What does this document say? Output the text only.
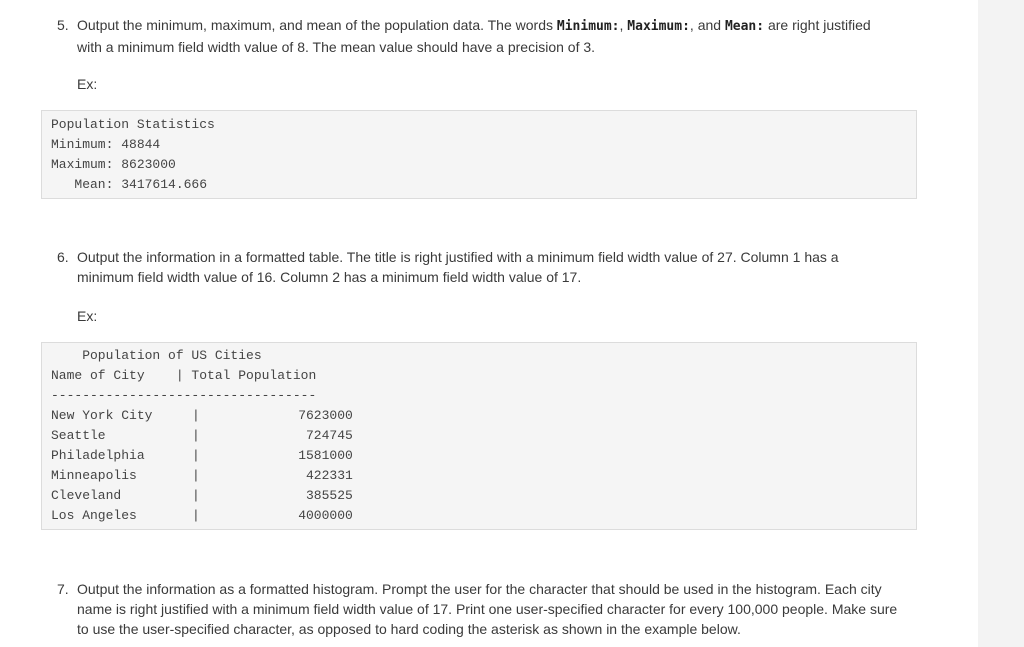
5. Output the minimum, maximum, and mean of the population data. The words Minimum:, Maximum:, and Mean: are right justified
with a minimum field width value of 8. The mean value should have a precision of 3.
Ex:
Population Statistics
Minimum: 48844
Maximum: 8623000
Mean: 3417614.666
6. Output the information in a formatted table. The title is right justified with a minimum field width value of 27. Column 1 has a
minimum field width value of 16. Column 2 has a minimum field width value of 17.
Ex:
Population of US Cities
Name of City    | Total Population
----------------------------------
New York City	|	7623000
Seattle	|	724745
Philadelphia	|	1581000
Minneapolis	|	422331
Cleveland	|	385525
Los Angeles	|	4000000
7. Output the information as a formatted histogram. Prompt the user for the character that should be used in the histogram. Each city
name is right justified with a minimum field width value of 17. Print one user-specified character for every 100,000 people. Make sure
to use the user-specified character, as opposed to hard coding the asterisk as shown in the example below.
